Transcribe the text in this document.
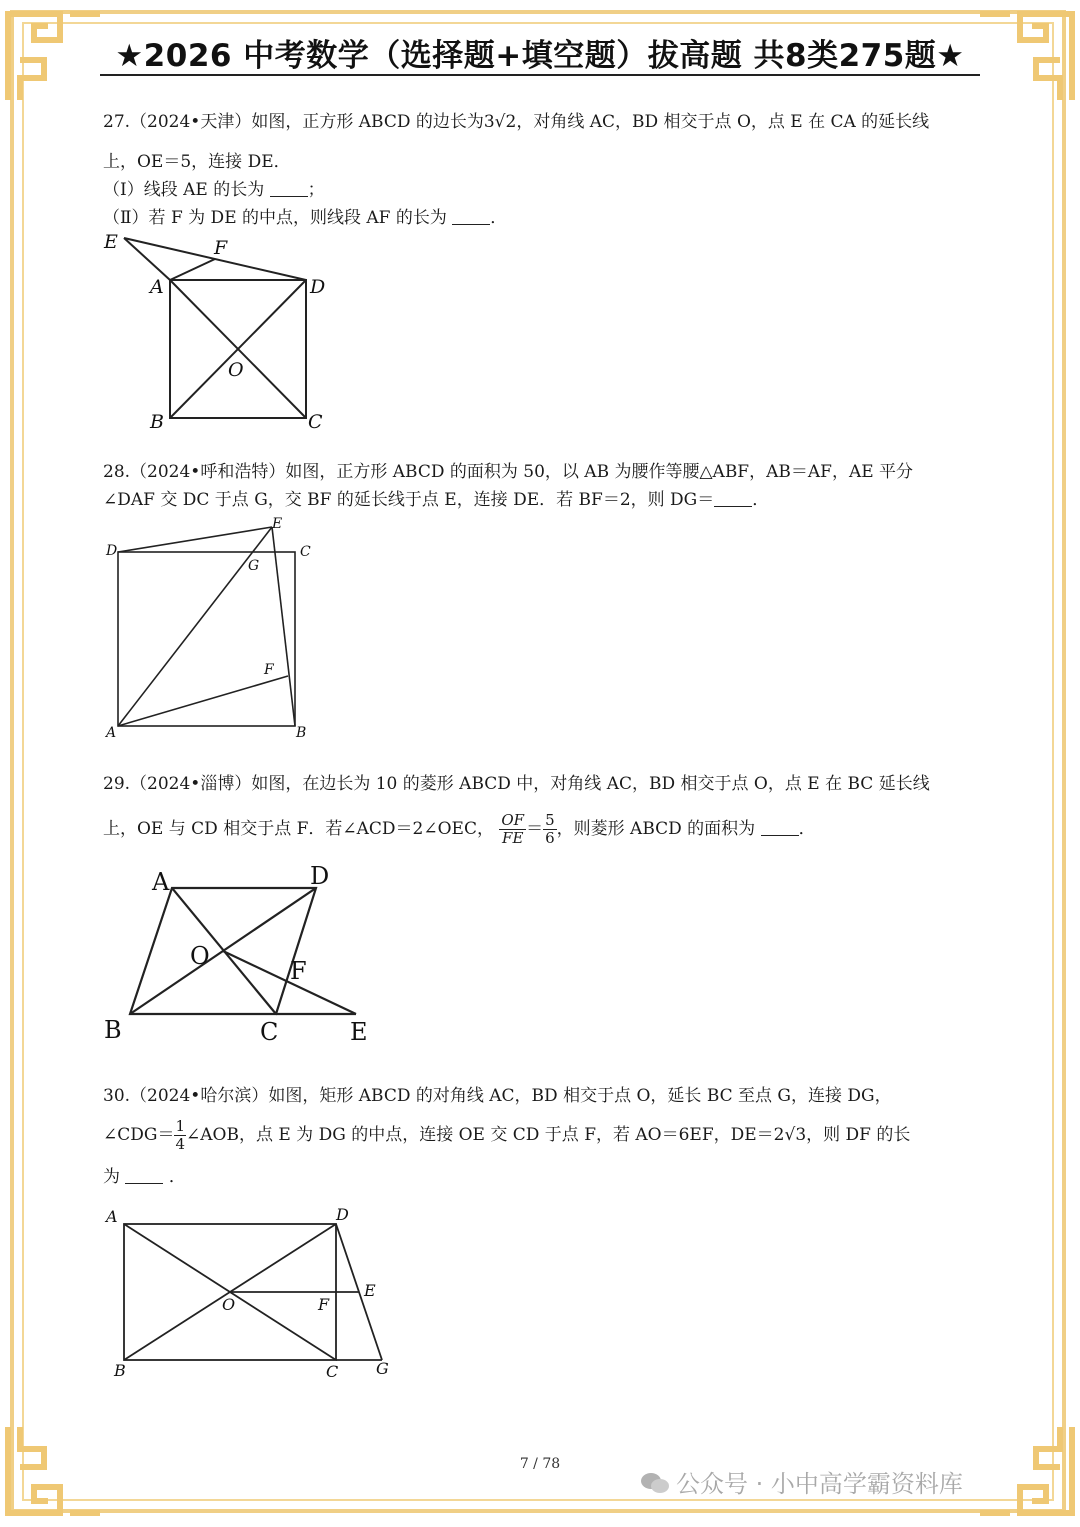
★2026 中考数学（选择题+填空题）拔高题 共8类275题★

27.（2024•天津）如图，正方形 ABCD 的边长为3√2，对角线 AC，BD 相交于点 O，点 E 在 CA 的延长线

上，OE＝5，连接 DE．

（Ⅰ）线段 AE 的长为	；

（Ⅱ）若 F 为 DE 的中点，则线段 AF 的长为	．

28.（2024•呼和浩特）如图，正方形 ABCD 的面积为 50，以 AB 为腰作等腰△ABF，AB＝AF，AE 平分

∠DAF 交 DC 于点 G，交 BF 的延长线于点 E，连接 DE．若 BF＝2，则 DG＝ ．

29.（2024•淄博）如图，在边长为 10 的菱形 ABCD 中，对角线 AC，BD 相交于点 O，点 E 在 BC 延长线

上，OE 与 CD 相交于点 F．若∠ACD＝2∠OEC， $\frac{OF}{FE} = \frac{5}{6}$ ，则菱形 ABCD 的面积为	．

30.（2024•哈尔滨）如图，矩形 ABCD 的对角线 AC，BD 相交于点 O，延长 BC 至点 G，连接 DG，

∠CDG＝ $\frac{1}{4}$ ∠AOB，点 E 为 DG 的中点，连接 OE 交 CD 于点 F，若 AO＝6EF，DE＝2√3，则 DF 的长

为	．

E	F
A	D
O
B	C
E
D	C
G
F
A	B
A	D
O
F
B	C	E
A	D
E
O	F
B	C G
7 / 78
公众号 · 小中高学霸资料库
